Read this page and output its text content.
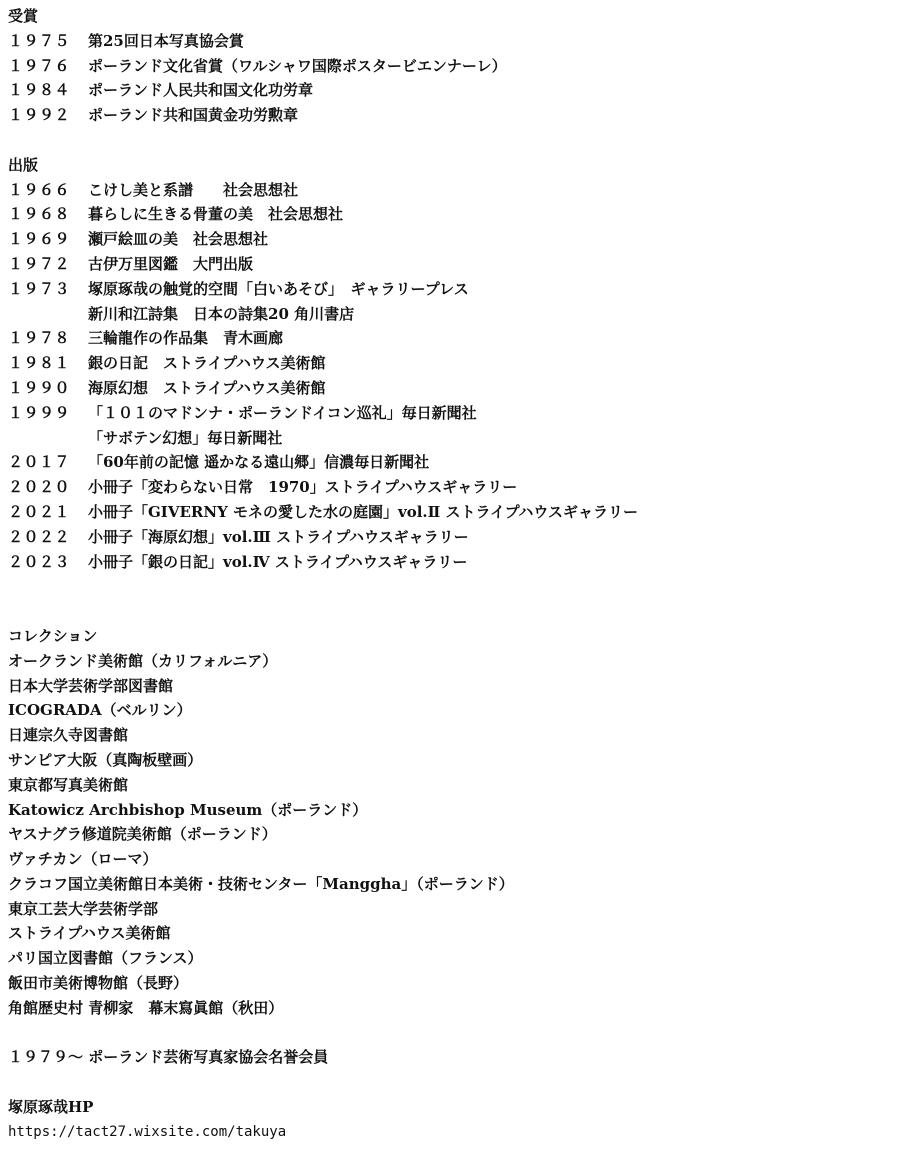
受賞
１９７５	第25回日本写真協会賞
１９７６	ポーランド文化省賞（ワルシャワ国際ポスタービエンナーレ）
１９８４	ポーランド人民共和国文化功労章
１９９２	ポーランド共和国黄金功労勲章
出版
１９６６	こけし美と系譜　　社会思想社
１９６８	暮らしに生きる骨董の美　社会思想社
１９６９	瀬戸絵皿の美　社会思想社
１９７２	古伊万里図鑑　大門出版
１９７３	塚原琢哉の触覚的空間「白いあそび」　ギャラリープレス
新川和江詩集　日本の詩集20 角川書店
１９７８	三輪龍作の作品集　青木画廊
１９８１	銀の日記　ストライプハウス美術館
１９９０	海原幻想　ストライプハウス美術館
１９９９	「１０１のマドンナ・ポーランドイコン巡礼」毎日新聞社
「サボテン幻想」毎日新聞社
２０１７	「60年前の記憶 遥かなる遠山郷」信濃毎日新聞社
２０２０	小冊子「変わらない日常　1970」ストライプハウスギャラリー
２０２１	小冊子「GIVERNY モネの愛した水の庭園」vol.Ⅱ ストライプハウスギャラリー
２０２２	小冊子「海原幻想」vol.Ⅲ ストライプハウスギャラリー
２０２３	小冊子「銀の日記」vol.Ⅳ ストライプハウスギャラリー
コレクション
オークランド美術館（カリフォルニア）
日本大学芸術学部図書館
ICOGRADA（ベルリン）
日連宗久寺図書館
サンピア大阪（真陶板壁画）
東京都写真美術館
Katowicz Archbishop Museum（ポーランド）
ヤスナグラ修道院美術館（ポーランド）
ヴァチカン（ローマ）
クラコフ国立美術館日本美術・技術センター「Manggha」（ポーランド）
東京工芸大学芸術学部
ストライプハウス美術館
パリ国立図書館（フランス）
飯田市美術博物館（長野）
角館歴史村 青柳家　幕末寫眞館（秋田）
１９７９～ ポーランド芸術写真家協会名誉会員
塚原琢哉HP
https://tact27.wixsite.com/takuya
